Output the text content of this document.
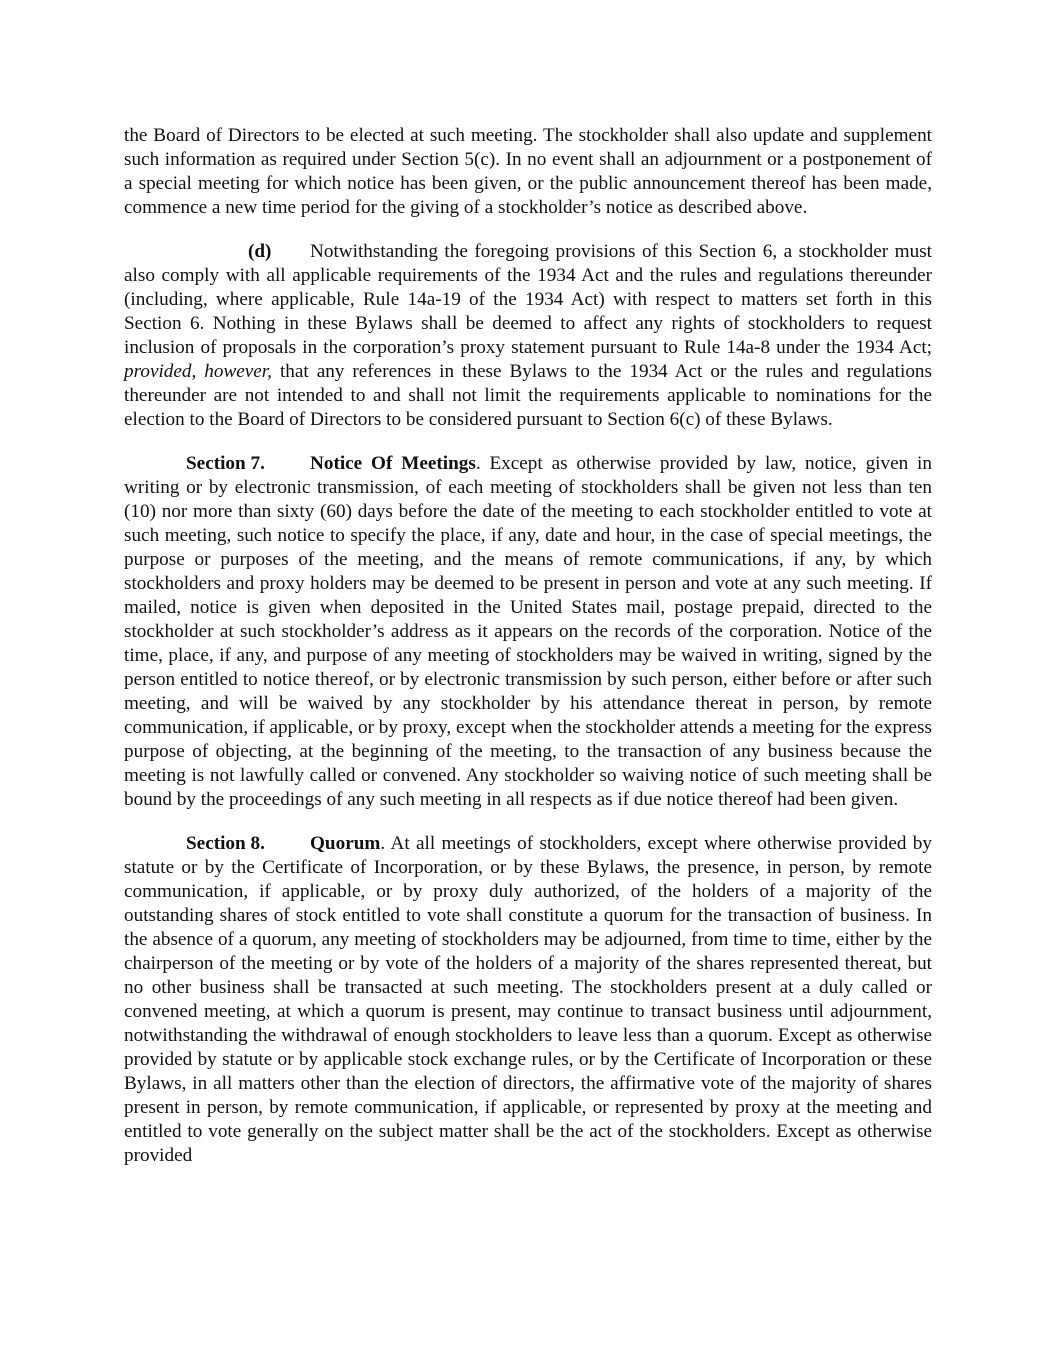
the Board of Directors to be elected at such meeting. The stockholder shall also update and supplement such information as required under Section 5(c). In no event shall an adjournment or a postponement of a special meeting for which notice has been given, or the public announcement thereof has been made, commence a new time period for the giving of a stockholder’s notice as described above.

(d) Notwithstanding the foregoing provisions of this Section 6, a stockholder must also comply with all applicable requirements of the 1934 Act and the rules and regulations thereunder (including, where applicable, Rule 14a-19 of the 1934 Act) with respect to matters set forth in this Section 6. Nothing in these Bylaws shall be deemed to affect any rights of stockholders to request inclusion of proposals in the corporation’s proxy statement pursuant to Rule 14a-8 under the 1934 Act; provided, however, that any references in these Bylaws to the 1934 Act or the rules and regulations thereunder are not intended to and shall not limit the requirements applicable to nominations for the election to the Board of Directors to be considered pursuant to Section 6(c) of these Bylaws.

Section 7. Notice Of Meetings. Except as otherwise provided by law, notice, given in writing or by electronic transmission, of each meeting of stockholders shall be given not less than ten (10) nor more than sixty (60) days before the date of the meeting to each stockholder entitled to vote at such meeting, such notice to specify the place, if any, date and hour, in the case of special meetings, the purpose or purposes of the meeting, and the means of remote communications, if any, by which stockholders and proxy holders may be deemed to be present in person and vote at any such meeting. If mailed, notice is given when deposited in the United States mail, postage prepaid, directed to the stockholder at such stockholder’s address as it appears on the records of the corporation. Notice of the time, place, if any, and purpose of any meeting of stockholders may be waived in writing, signed by the person entitled to notice thereof, or by electronic transmission by such person, either before or after such meeting, and will be waived by any stockholder by his attendance thereat in person, by remote communication, if applicable, or by proxy, except when the stockholder attends a meeting for the express purpose of objecting, at the beginning of the meeting, to the transaction of any business because the meeting is not lawfully called or convened. Any stockholder so waiving notice of such meeting shall be bound by the proceedings of any such meeting in all respects as if due notice thereof had been given.

Section 8. Quorum. At all meetings of stockholders, except where otherwise provided by statute or by the Certificate of Incorporation, or by these Bylaws, the presence, in person, by remote communication, if applicable, or by proxy duly authorized, of the holders of a majority of the outstanding shares of stock entitled to vote shall constitute a quorum for the transaction of business. In the absence of a quorum, any meeting of stockholders may be adjourned, from time to time, either by the chairperson of the meeting or by vote of the holders of a majority of the shares represented thereat, but no other business shall be transacted at such meeting. The stockholders present at a duly called or convened meeting, at which a quorum is present, may continue to transact business until adjournment, notwithstanding the withdrawal of enough stockholders to leave less than a quorum. Except as otherwise provided by statute or by applicable stock exchange rules, or by the Certificate of Incorporation or these Bylaws, in all matters other than the election of directors, the affirmative vote of the majority of shares present in person, by remote communication, if applicable, or represented by proxy at the meeting and entitled to vote generally on the subject matter shall be the act of the stockholders. Except as otherwise provided
